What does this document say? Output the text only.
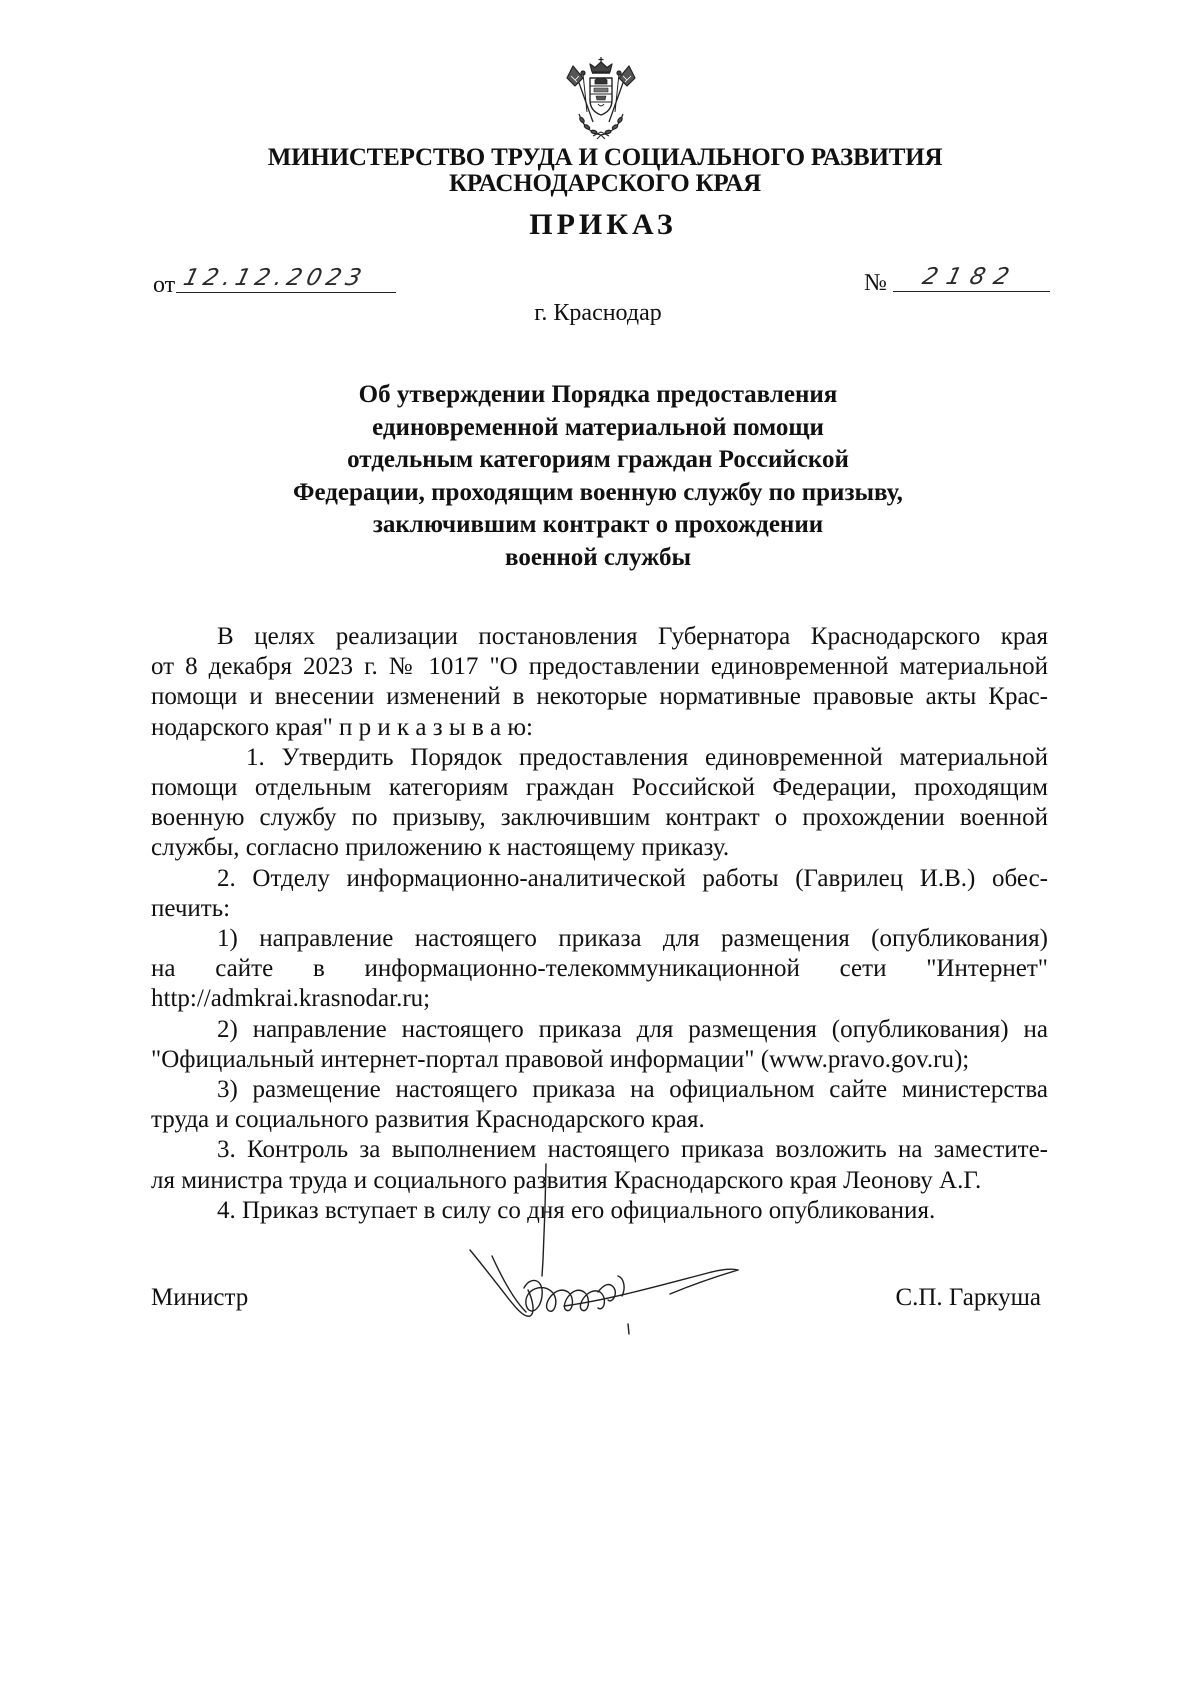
МИНИСТЕРСТВО ТРУДА И СОЦИАЛЬНОГО РАЗВИТИЯ
КРАСНОДАРСКОГО КРАЯ
ПРИКАЗ
от 12.12.2023	№ 2182
г. Краснодар
Об утверждении Порядка предоставления
единовременной материальной помощи
отдельным категориям граждан Российской
Федерации, проходящим военную службу по призыву,
заключившим контракт о прохождении
военной службы
В целях реализации постановления Губернатора Краснодарского края
от 8 декабря 2023 г. № 1017 "О предоставлении единовременной материальной
помощи и внесении изменений в некоторые нормативные правовые акты Крас-
нодарского края" п р и к а з ы в а ю:
1. Утвердить Порядок предоставления единовременной материальной
помощи отдельным категориям граждан Российской Федерации, проходящим
военную службу по призыву, заключившим контракт о прохождении военной
службы, согласно приложению к настоящему приказу.
2. Отделу информационно-аналитической работы (Гаврилец И.В.) обес-
печить:
1) направление настоящего приказа для размещения (опубликования)
на сайте в информационно-телекоммуникационной сети "Интернет"
http://admkrai.krasnodar.ru;
2) направление настоящего приказа для размещения (опубликования) на
"Официальный интернет-портал правовой информации" (www.pravo.gov.ru);
3) размещение настоящего приказа на официальном сайте министерства
труда и социального развития Краснодарского края.
3. Контроль за выполнением настоящего приказа возложить на заместите-
ля министра труда и социального развития Краснодарского края Леонову А.Г.
4. Приказ вступает в силу со дня его официального опубликования.
Министр	С.П. Гаркуша
